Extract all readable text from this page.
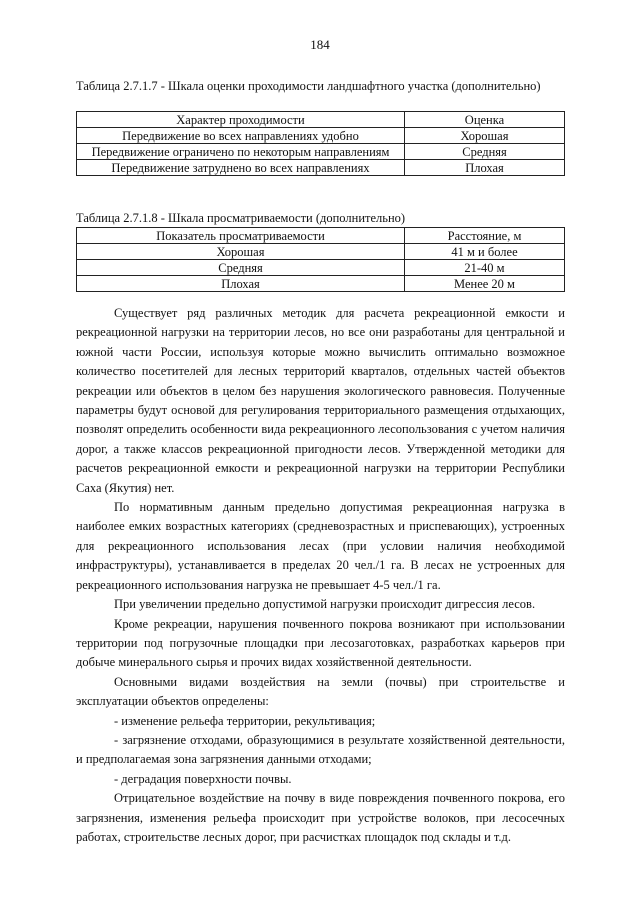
184
Таблица 2.7.1.7 - Шкала оценки проходимости ландшафтного участка (дополнительно)
Характер проходимости	Оценка
Передвижение во всех направлениях удобно	Хорошая
Передвижение ограничено по некоторым направлениям	Средняя
Передвижение затруднено во всех направлениях	Плохая
Таблица 2.7.1.8 - Шкала просматриваемости (дополнительно)
Показатель просматриваемости	Расстояние, м
Хорошая	41 м и более
Средняя	21-40 м
Плохая	Менее 20 м

Существует ряд различных методик для расчета рекреационной емкости и рекреационной нагрузки на территории лесов, но все они разработаны для центральной и южной части России, используя которые можно вычислить оптимально возможное количество посетителей для лесных территорий кварталов, отдельных частей объектов рекреации или объектов в целом без нарушения экологического равновесия. Полученные параметры будут основой для регулирования территориального размещения отдыхающих, позволят определить особенности вида рекреационного лесопользования с учетом наличия дорог, а также классов рекреационной пригодности лесов. Утвержденной методики для расчетов рекреационной емкости и рекреационной нагрузки на территории Республики Саха (Якутия) нет.

По нормативным данным предельно допустимая рекреационная нагрузка в наиболее емких возрастных категориях (средневозрастных и приспевающих), устроенных для рекреационного использования лесах (при условии наличия необходимой инфраструктуры), устанавливается в пределах 20 чел./1 га. В лесах не устроенных для рекреационного использования нагрузка не превышает 4-5 чел./1 га.

При увеличении предельно допустимой нагрузки происходит дигрессия лесов.

Кроме рекреации, нарушения почвенного покрова возникают при использовании территории под погрузочные площадки при лесозаготовках, разработках карьеров при добыче минерального сырья и прочих видах хозяйственной деятельности.

Основными видами воздействия на земли (почвы) при строительстве и эксплуатации объектов определены:

- изменение рельефа территории, рекультивация;

- загрязнение отходами, образующимися в результате хозяйственной деятельности, и предполагаемая зона загрязнения данными отходами;

- деградация поверхности почвы.

Отрицательное воздействие на почву в виде повреждения почвенного покрова, его загрязнения, изменения рельефа происходит при устройстве волоков, при лесосечных работах, строительстве лесных дорог, при расчистках площадок под склады и т.д.
